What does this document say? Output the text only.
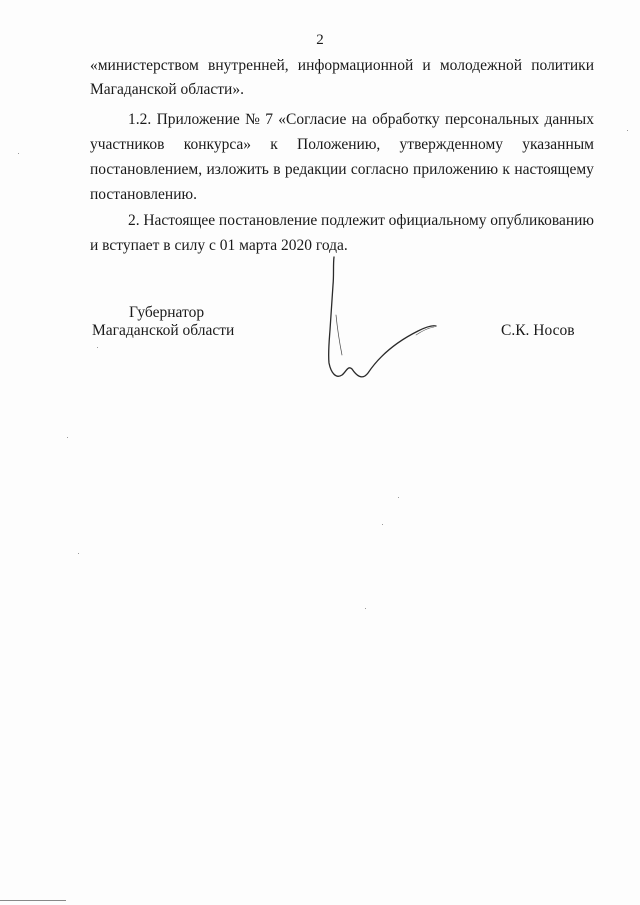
2
«министерством внутренней, информационной и молодежной политики
Магаданской области».
1.2. Приложение № 7 «Согласие на обработку персональных данных
участников конкурса» к Положению, утвержденному указанным
постановлением, изложить в редакции согласно приложению к настоящему
постановлению.
2. Настоящее постановление подлежит официальному опубликованию
и вступает в силу с 01 марта 2020 года.
Губернатор
Магаданской области	С.К. Носов
